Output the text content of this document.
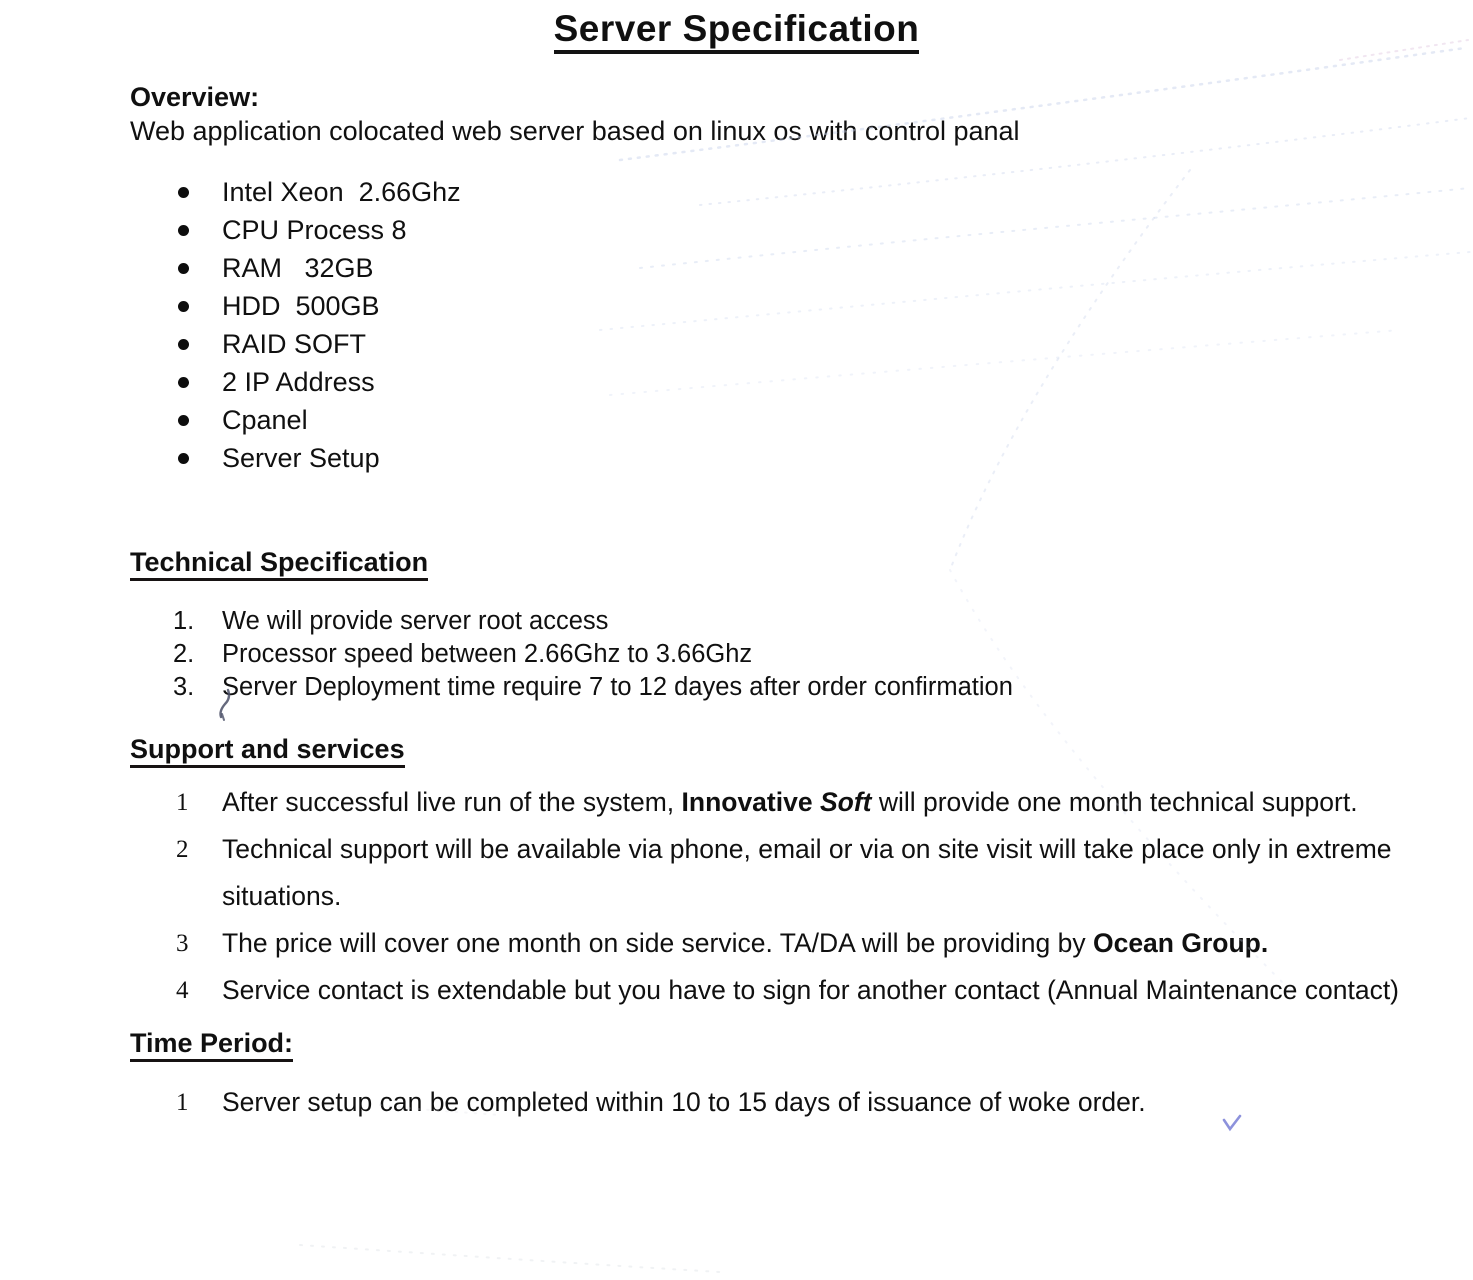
Server Specification
Overview:
Web application colocated web server based on linux os with control panal
Intel Xeon  2.66Ghz
CPU Process 8
RAM   32GB
HDD  500GB
RAID SOFT
2 IP Address
Cpanel
Server Setup
Technical Specification
1.	We will provide server root access
2.	Processor speed between 2.66Ghz to 3.66Ghz
3.	Server Deployment time require 7 to 12 dayes after order confirmation
Support and services
1	After successful live run of the system, Innovative Soft will provide one month technical support.
2	Technical support will be available via phone, email or via on site visit will take place only in extreme situations.
3	The price will cover one month on side service. TA/DA will be providing by Ocean Group.
4	Service contact is extendable but you have to sign for another contact (Annual Maintenance contact)
Time Period:
1	Server setup can be completed within 10 to 15 days of issuance of woke order.
